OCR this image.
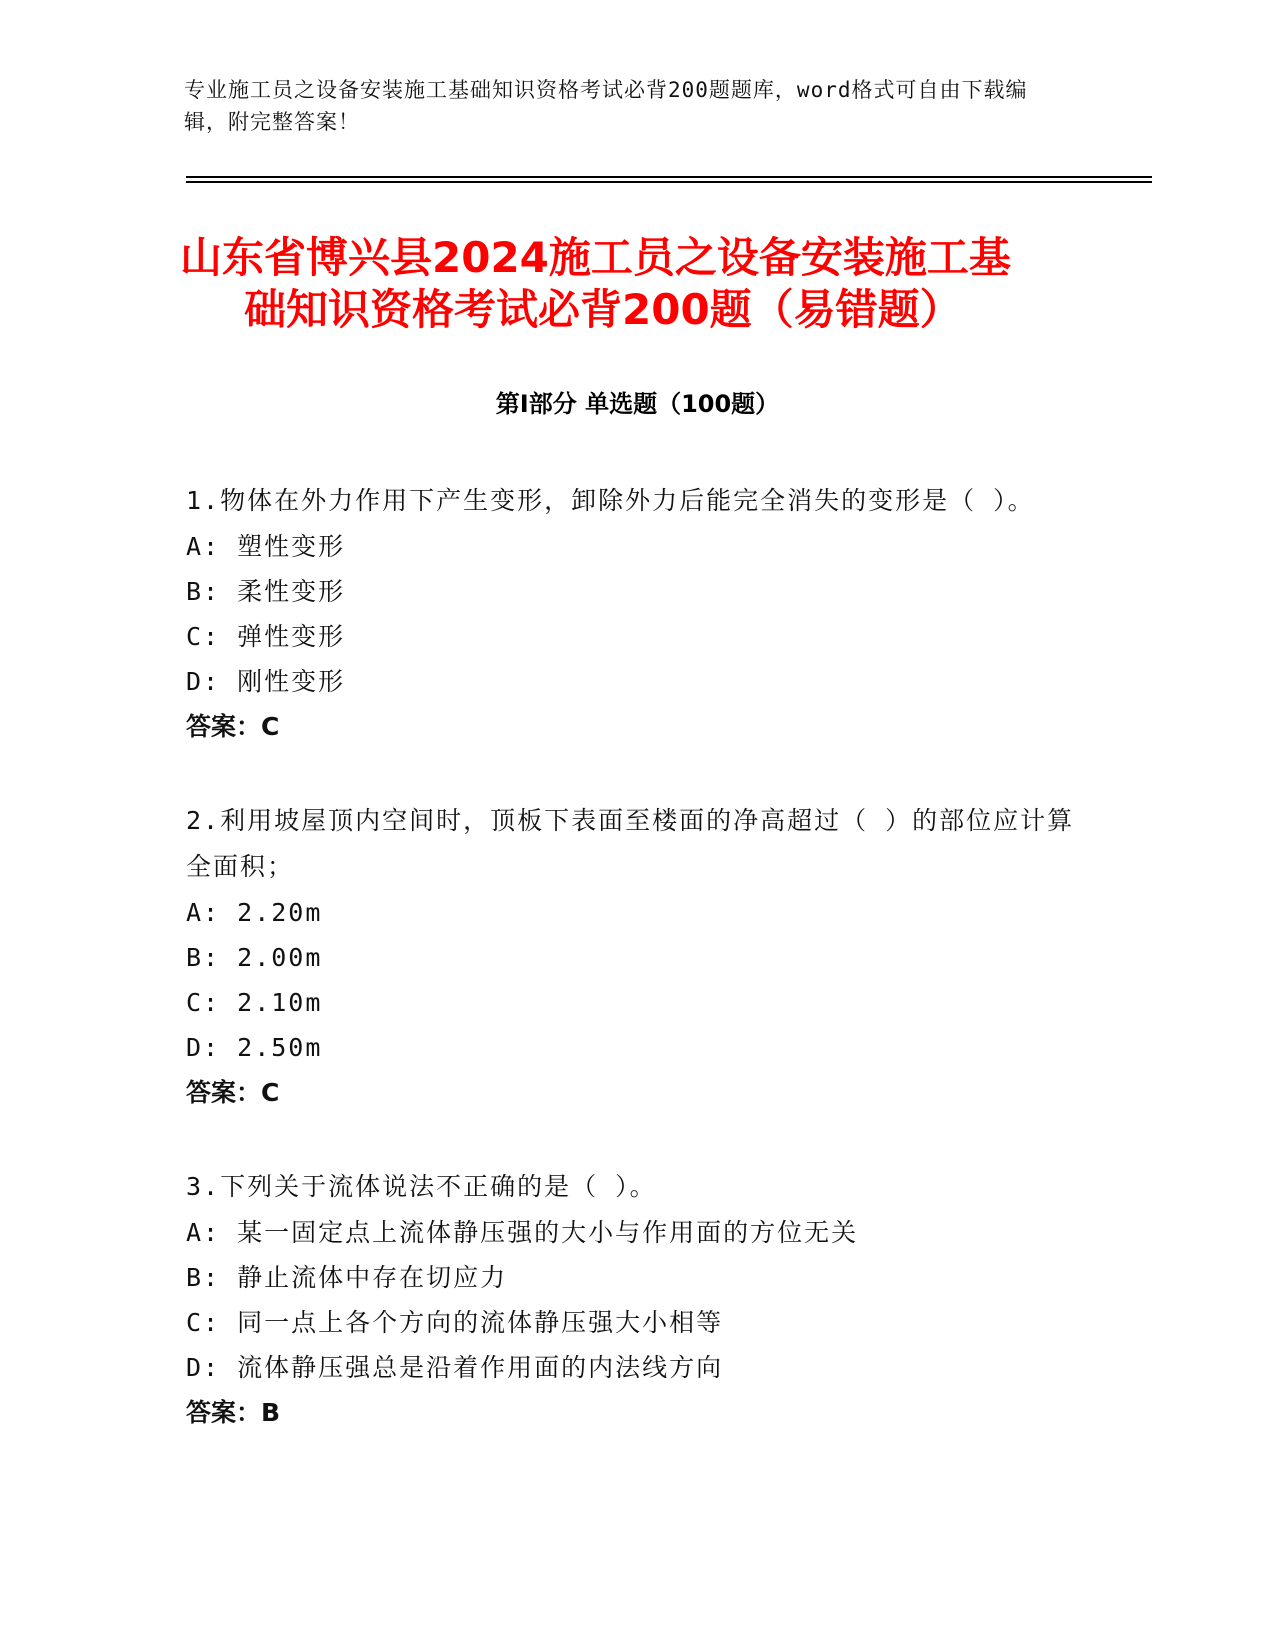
专业施工员之设备安装施工基础知识资格考试必背200题题库，word格式可自由下载编辑，附完整答案！
山东省博兴县2024施工员之设备安装施工基
础知识资格考试必背200题（易错题）
第Ⅰ部分 单选题（100题）
1.物体在外力作用下产生变形，卸除外力后能完全消失的变形是（ ）。
A: 塑性变形
B: 柔性变形
C: 弹性变形
D: 刚性变形
答案：C
2.利用坡屋顶内空间时，顶板下表面至楼面的净高超过（ ）的部位应计算全面积；
A: 2.20m
B: 2.00m
C: 2.10m
D: 2.50m
答案：C
3.下列关于流体说法不正确的是（ ）。
A: 某一固定点上流体静压强的大小与作用面的方位无关
B: 静止流体中存在切应力
C: 同一点上各个方向的流体静压强大小相等
D: 流体静压强总是沿着作用面的内法线方向
答案：B
